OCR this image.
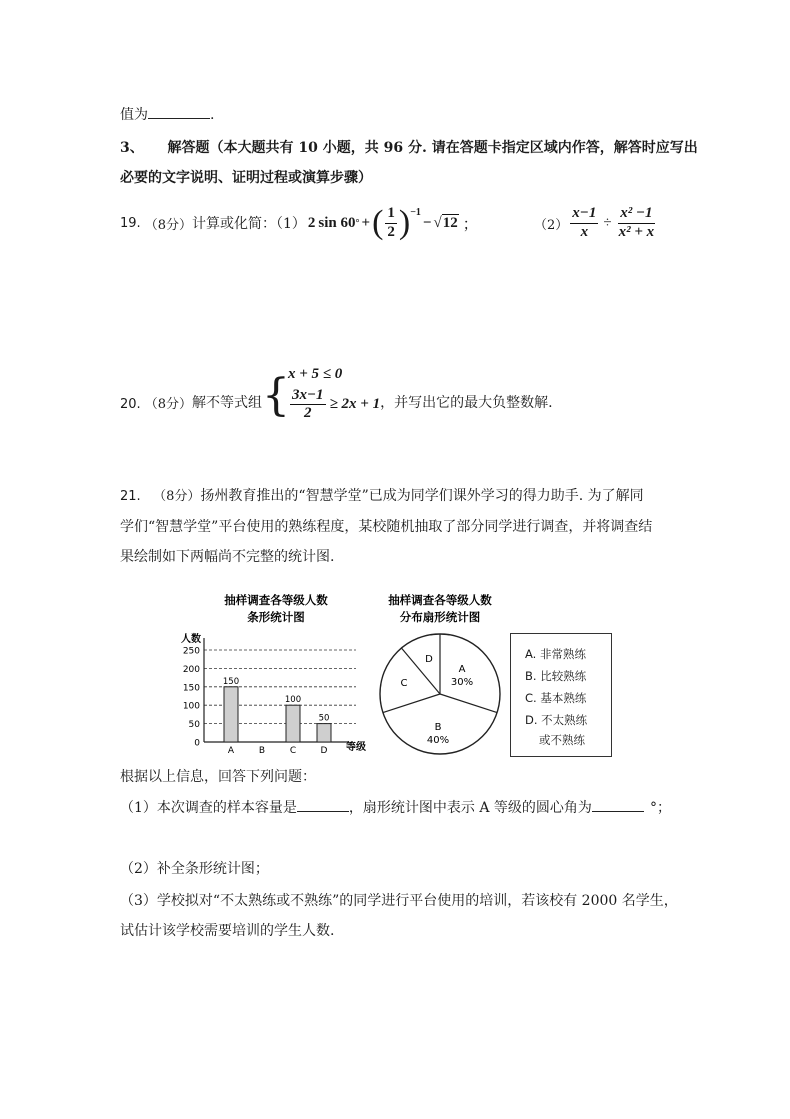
值为	.
3、 解答题（本大题共有 10 小题，共 96 分. 请在答题卡指定区域内作答，解答时应写出
必要的文字说明、证明过程或演算步骤）
19. （8分） 计算或化简：（1） 2 sin 60 ° + ( $\frac{1}{2} )^{-1}$
− √ 12 ；	$(2) \frac{x-1}{x} \div \frac{\text{x² −1}}{\text{x² + x}}$
20. （8分） 解不等式组 {
x + 5 ≤ 0
$\frac{3x-1}{2} \ge 2x + 1$ ，并写出它的最大负整数解.
21. （8分）扬州教育推出的“智慧学堂”已成为同学们课外学习的得力助手. 为了解同
学们“智慧学堂”平台使用的熟练程度，某校随机抽取了部分同学进行调查，并将调查结
果绘制如下两幅尚不完整的统计图.
抽样调查各等级人数
条形统计图
人数
等级
0
50
100
150
200
250
150
A	B
100
C
50
D
抽样调查各等级人数
分布扇形统计图
A 30%
B 40%
C
D	A. 非常熟练
B. 比较熟练
C. 基本熟练
D. 不太熟练
或不熟练
根据以上信息，回答下列问题：
（1）本次调查的样本容量是	，扇形统计图中表示 A 等级的圆心角为	°；
（2）补全条形统计图；
（3）学校拟对“不太熟练或不熟练”的同学进行平台使用的培训，若该校有 2000 名学生，
试估计该学校需要培训的学生人数.
